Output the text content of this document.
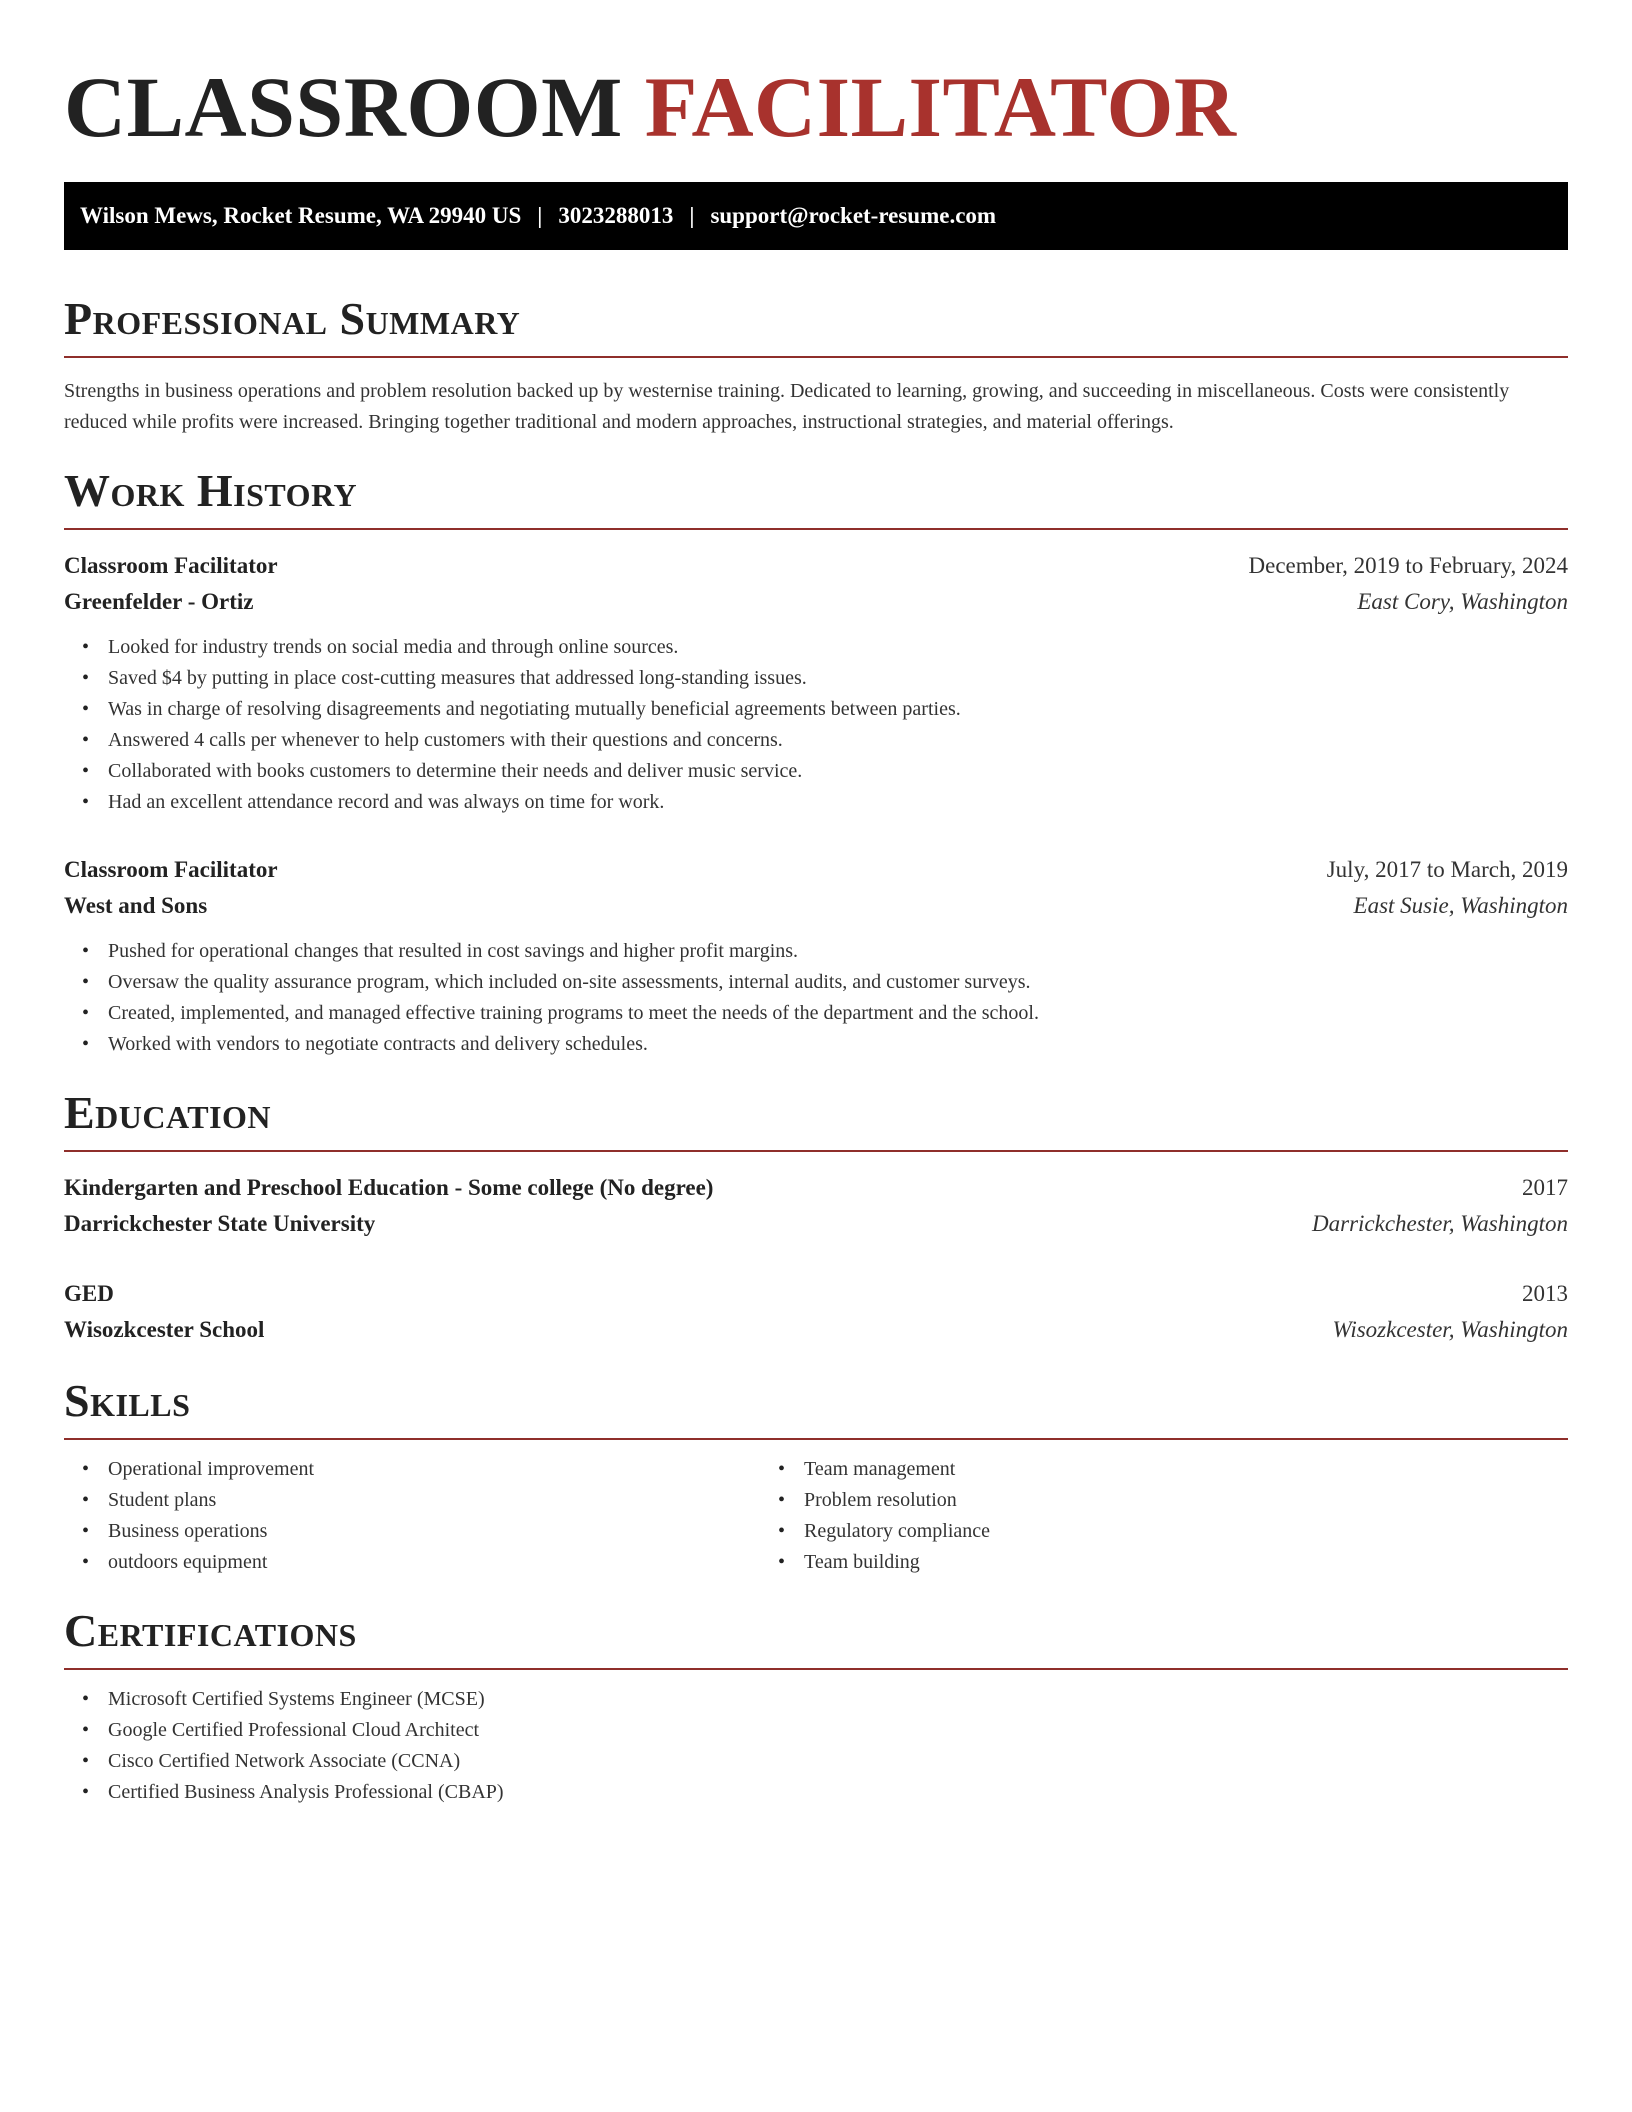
CLASSROOM FACILITATOR
Wilson Mews, Rocket Resume, WA 29940 US | 3023288013 | support@rocket-resume.com
Professional Summary

Strengths in business operations and problem resolution backed up by westernise training. Dedicated to learning, growing, and succeeding in miscellaneous. Costs were consistently reduced while profits were increased. Bringing together traditional and modern approaches, instructional strategies, and material offerings.

Work History
Classroom Facilitator	December, 2019 to February, 2024
Greenfelder - Ortiz	East Cory, Washington
• Looked for industry trends on social media and through online sources.
• Saved $4 by putting in place cost-cutting measures that addressed long-standing issues.
• Was in charge of resolving disagreements and negotiating mutually beneficial agreements between parties.
• Answered 4 calls per whenever to help customers with their questions and concerns.
• Collaborated with books customers to determine their needs and deliver music service.
• Had an excellent attendance record and was always on time for work.
Classroom Facilitator	July, 2017 to March, 2019
West and Sons	East Susie, Washington
• Pushed for operational changes that resulted in cost savings and higher profit margins.
• Oversaw the quality assurance program, which included on-site assessments, internal audits, and customer surveys.
• Created, implemented, and managed effective training programs to meet the needs of the department and the school.
• Worked with vendors to negotiate contracts and delivery schedules.
Education
Kindergarten and Preschool Education - Some college (No degree)	2017
Darrickchester State University	Darrickchester, Washington
GED	2013
Wisozkcester School	Wisozkcester, Washington
Skills
• Operational improvement
• Student plans
• Business operations
• outdoors equipment
• Team management
• Problem resolution
• Regulatory compliance
• Team building
Certifications
• Microsoft Certified Systems Engineer (MCSE)
• Google Certified Professional Cloud Architect
• Cisco Certified Network Associate (CCNA)
• Certified Business Analysis Professional (CBAP)
